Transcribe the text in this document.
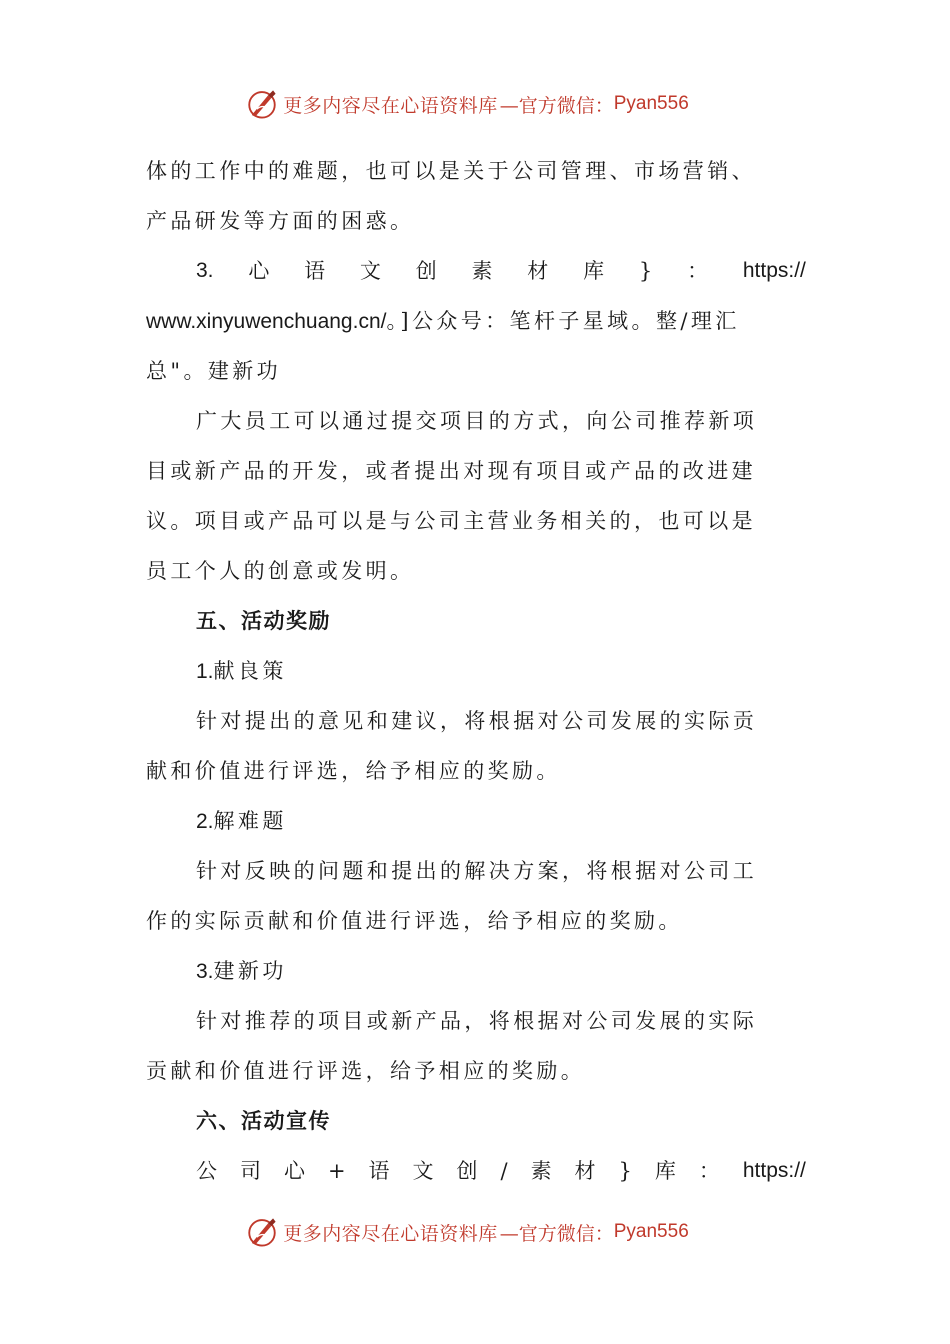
更多内容尽在心语资料库 —官方微信： Pyan556
体的工作中的难题，也可以是关于公司管理、市场营销、
产品研发等方面的困惑。
3. 心 语 文 创 素 材 库 } ： https://
www.xinyuwenchuang.cn/。]公众号：笔杆子星域。整/理汇
总"。建新功
广大员工可以通过提交项目的方式，向公司推荐新项
目或新产品的开发，或者提出对现有项目或产品的改进建
议。项目或产品可以是与公司主营业务相关的，也可以是
员工个人的创意或发明。
五、活动奖励
1.献良策
针对提出的意见和建议，将根据对公司发展的实际贡
献和价值进行评选，给予相应的奖励。
2.解难题
针对反映的问题和提出的解决方案，将根据对公司工
作的实际贡献和价值进行评选，给予相应的奖励。
3.建新功
针对推荐的项目或新产品，将根据对公司发展的实际
贡献和价值进行评选，给予相应的奖励。
六、活动宣传
公 司 心 + 语 文 创 / 素 材 } 库 ： https://
更多内容尽在心语资料库 —官方微信： Pyan556
